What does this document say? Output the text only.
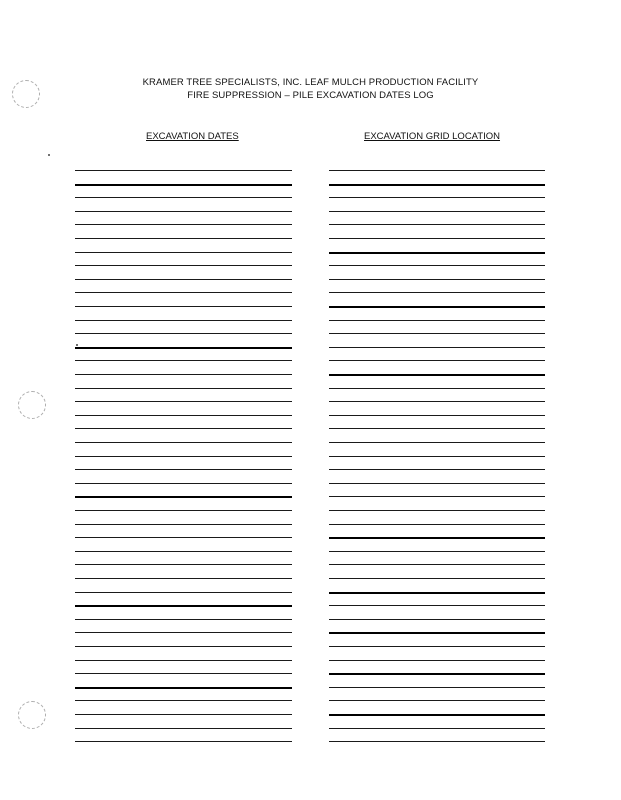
KRAMER TREE SPECIALISTS, INC. LEAF MULCH PRODUCTION FACILITY
FIRE SUPPRESSION – PILE EXCAVATION DATES LOG
EXCAVATION DATES	EXCAVATION GRID LOCATION
